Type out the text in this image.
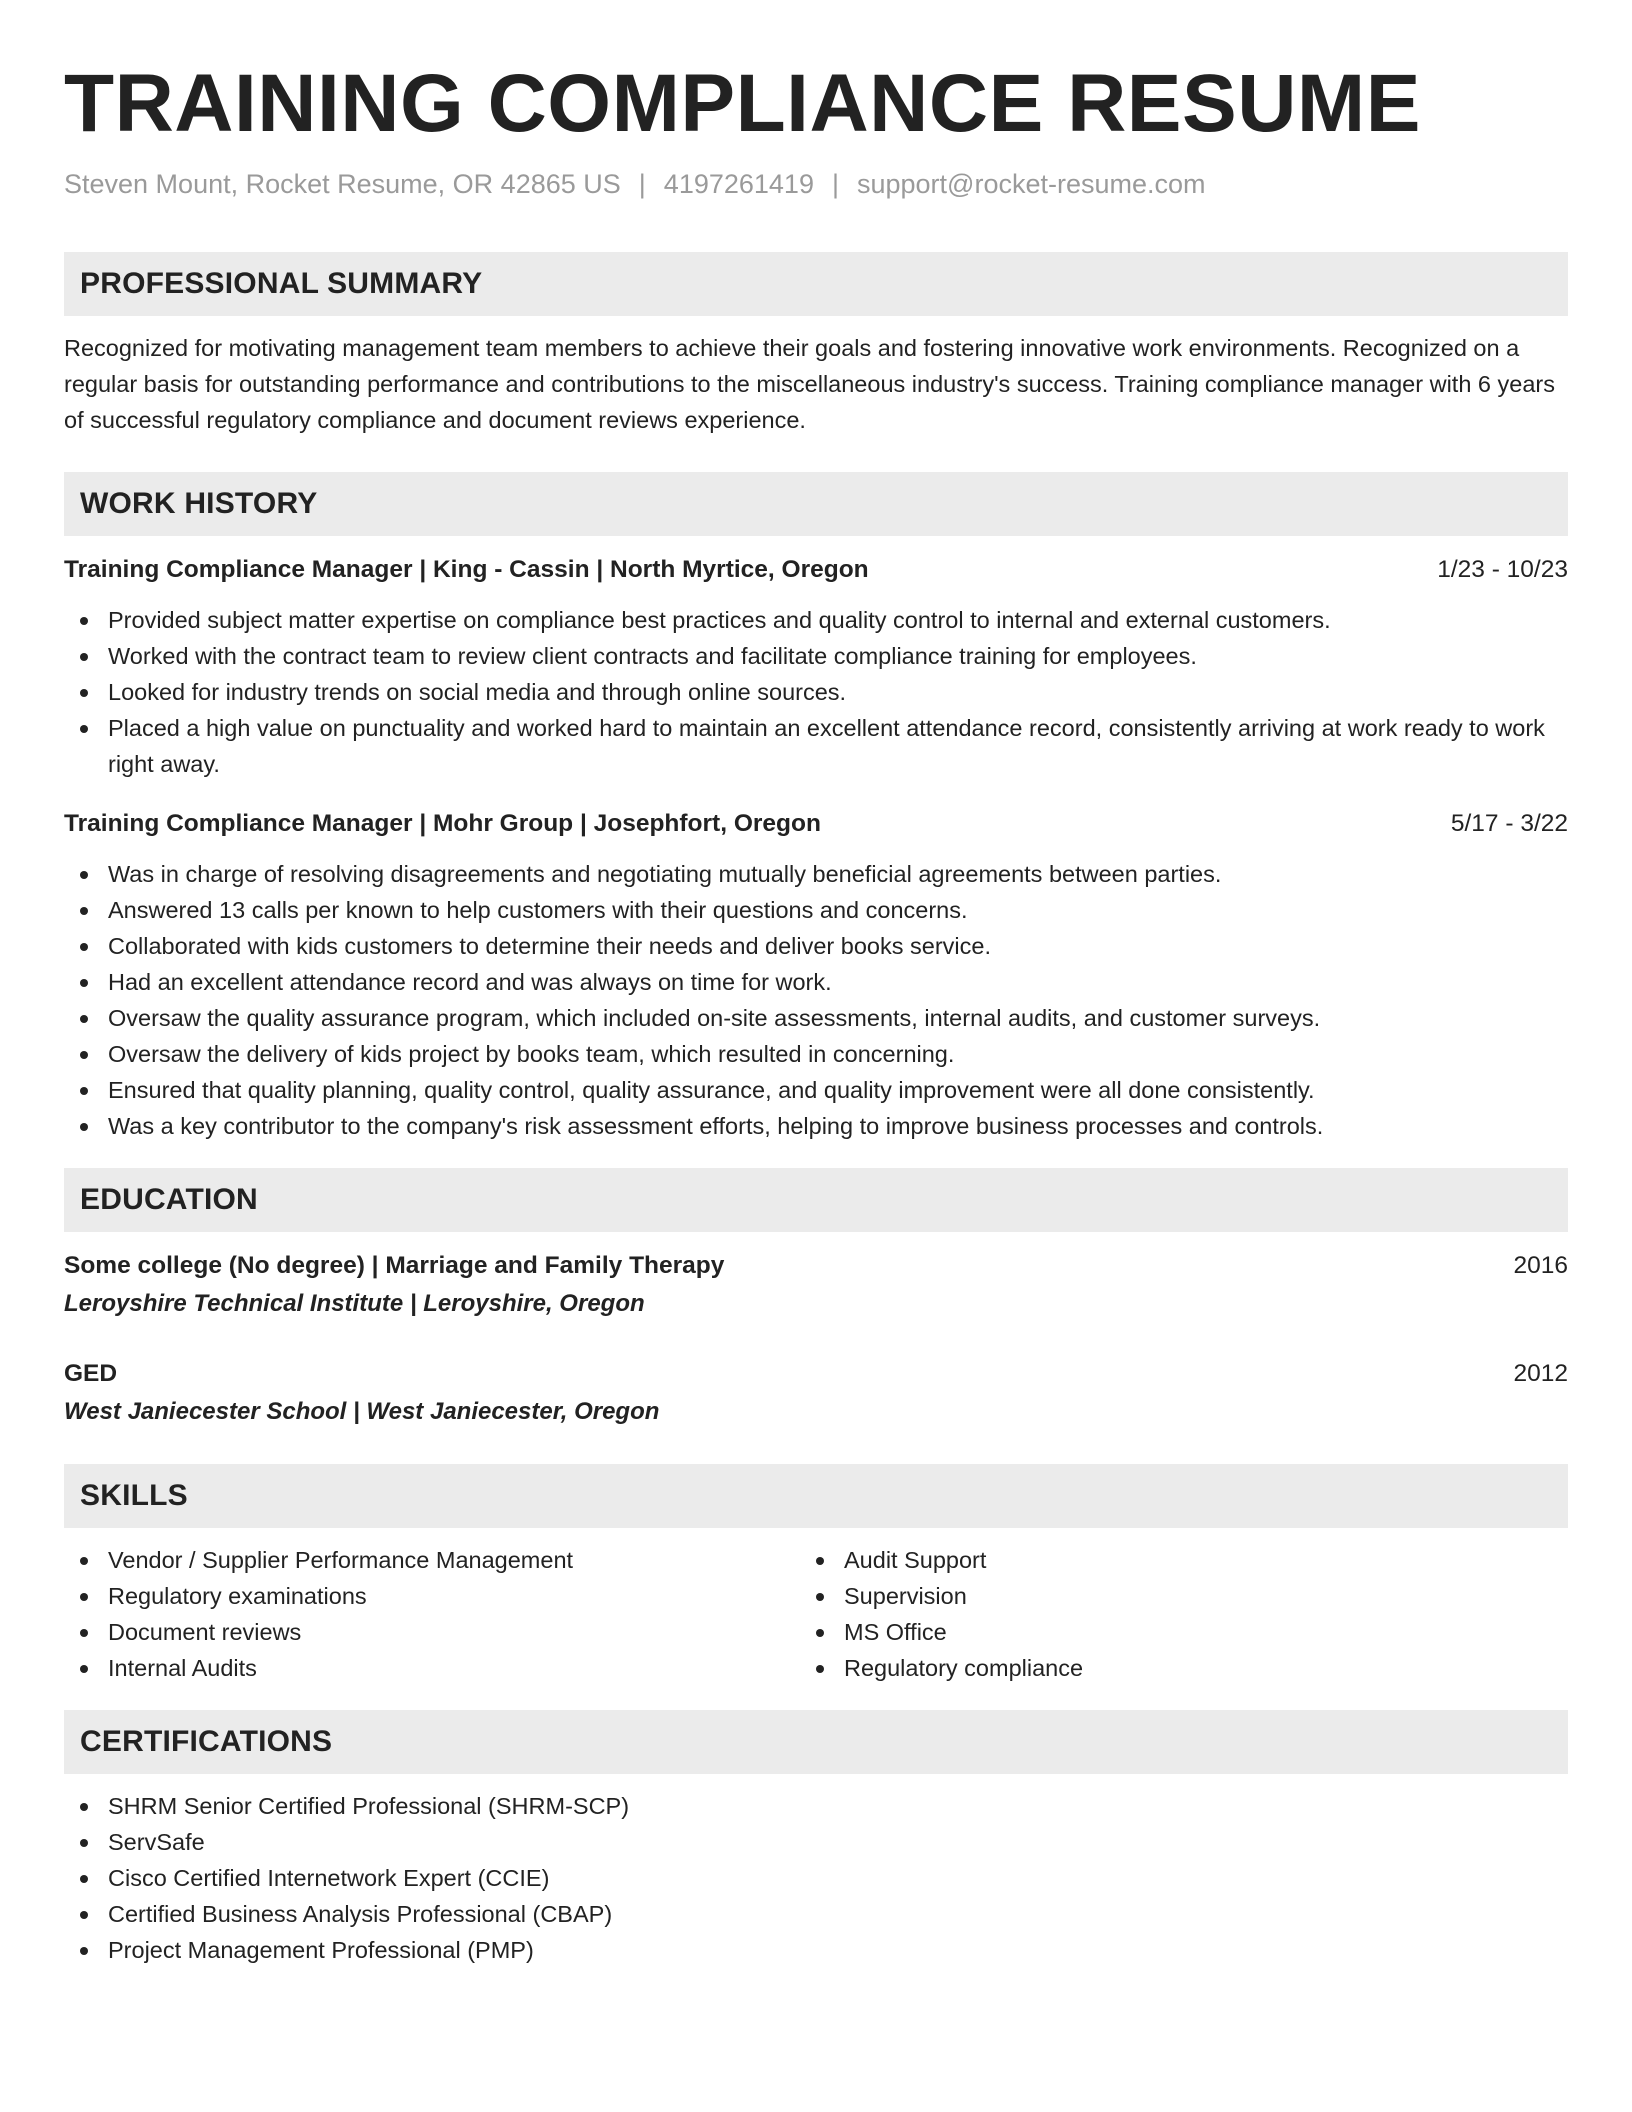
TRAINING COMPLIANCE RESUME
Steven Mount, Rocket Resume, OR 42865 US | 4197261419 | support@rocket-resume.com
PROFESSIONAL SUMMARY
Recognized for motivating management team members to achieve their goals and fostering innovative work environments. Recognized on a regular basis for outstanding performance and contributions to the miscellaneous industry's success. Training compliance manager with 6 years of successful regulatory compliance and document reviews experience.
WORK HISTORY
Training Compliance Manager | King - Cassin | North Myrtice, Oregon	1/23 - 10/23
Provided subject matter expertise on compliance best practices and quality control to internal and external customers.
Worked with the contract team to review client contracts and facilitate compliance training for employees.
Looked for industry trends on social media and through online sources.
Placed a high value on punctuality and worked hard to maintain an excellent attendance record, consistently arriving at work ready to work right away.
Training Compliance Manager | Mohr Group | Josephfort, Oregon	5/17 - 3/22
Was in charge of resolving disagreements and negotiating mutually beneficial agreements between parties.
Answered 13 calls per known to help customers with their questions and concerns.
Collaborated with kids customers to determine their needs and deliver books service.
Had an excellent attendance record and was always on time for work.
Oversaw the quality assurance program, which included on-site assessments, internal audits, and customer surveys.
Oversaw the delivery of kids project by books team, which resulted in concerning.
Ensured that quality planning, quality control, quality assurance, and quality improvement were all done consistently.
Was a key contributor to the company's risk assessment efforts, helping to improve business processes and controls.
EDUCATION
Some college (No degree) | Marriage and Family Therapy	2016
Leroyshire Technical Institute | Leroyshire, Oregon
GED	2012
West Janiecester School | West Janiecester, Oregon
SKILLS
Vendor / Supplier Performance Management
Regulatory examinations
Document reviews
Internal Audits
Audit Support
Supervision
MS Office
Regulatory compliance
CERTIFICATIONS
SHRM Senior Certified Professional (SHRM-SCP)
ServSafe
Cisco Certified Internetwork Expert (CCIE)
Certified Business Analysis Professional (CBAP)
Project Management Professional (PMP)
